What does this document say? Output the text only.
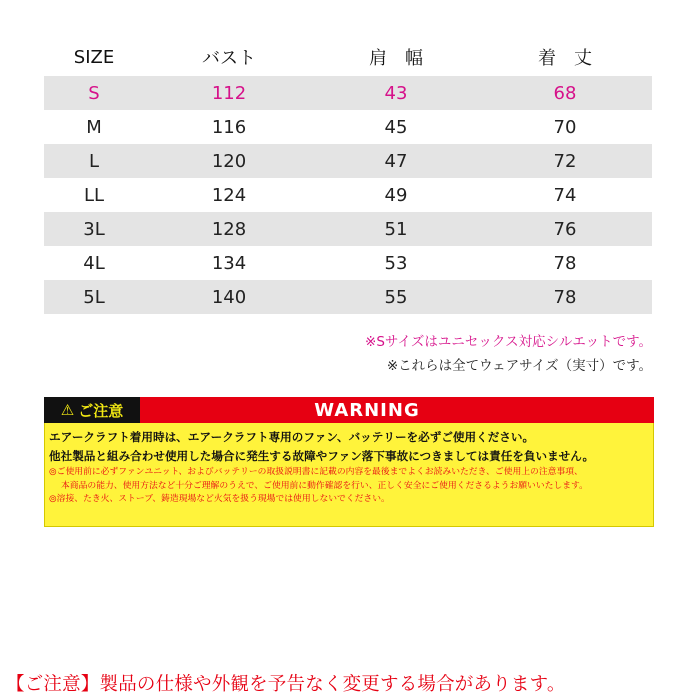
SIZE	バスト	肩　幅	着　丈
S	112	43	68
M	116	45	70
L	120	47	72
LL	124	49	74
3L	128	51	76
4L	134	53	78
5L	140	55	78
※Sサイズはユニセックス対応シルエットです。
※これらは全てウェアサイズ（実寸）です。
⚠ ご注意	WARNING
エアークラフト着用時は、エアークラフト専用のファン、バッテリーを必ずご使用ください。
他社製品と組み合わせ使用した場合に発生する故障やファン落下事故につきましては責任を負いません。
◎ご使用前に必ずファンユニット、およびバッテリーの取扱説明書に記載の内容を最後までよくお読みいただき、ご使用上の注意事項、
本商品の能力、使用方法など十分ご理解のうえで、ご使用前に動作確認を行い、正しく安全にご使用くださるようお願いいたします。
◎溶接、たき火、ストーブ、鋳造現場など火気を扱う現場では使用しないでください。
【ご注意】製品の仕様や外観を予告なく変更する場合があります。
